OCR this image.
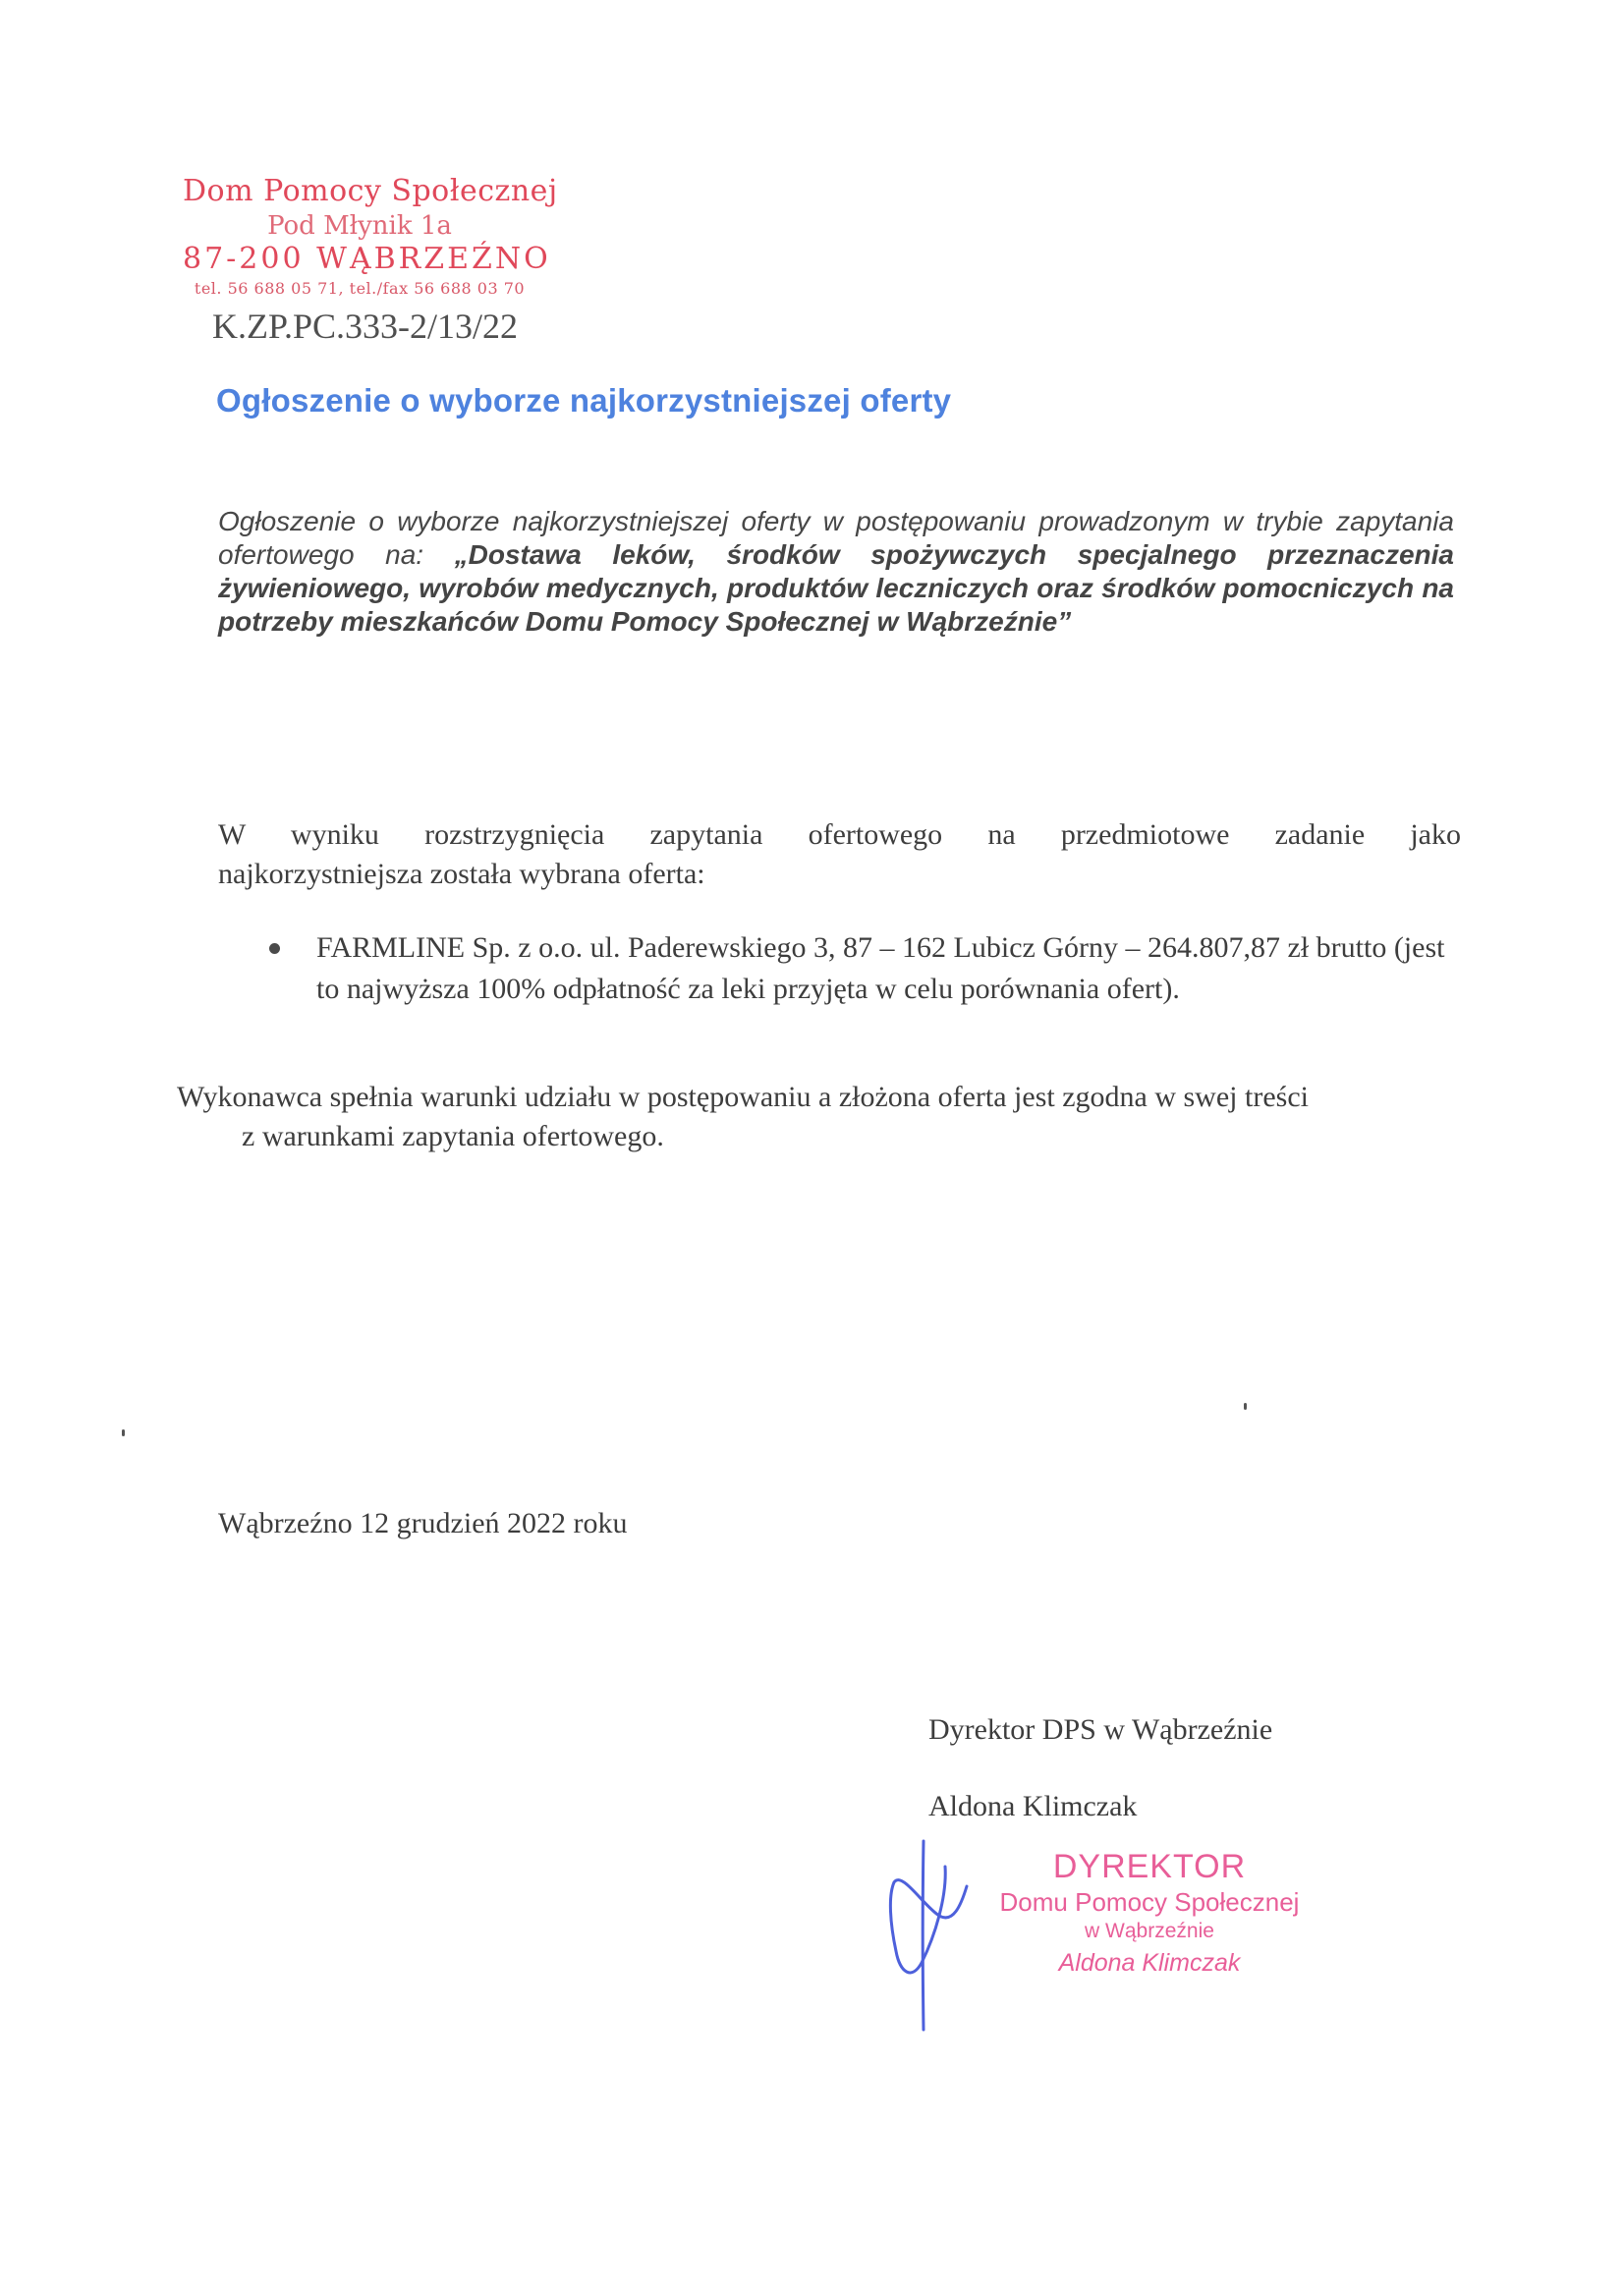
Dom Pomocy Społecznej
Pod Młynik 1a
87-200 WĄBRZEŹNO
tel. 56 688 05 71, tel./fax 56 688 03 70
K.ZP.PC.333-2/13/22
Ogłoszenie o wyborze najkorzystniejszej oferty
Ogłoszenie o wyborze najkorzystniejszej oferty w postępowaniu prowadzonym w trybie zapytania ofertowego na: „Dostawa leków, środków spożywczych specjalnego przeznaczenia żywieniowego, wyrobów medycznych, produktów leczniczych oraz środków pomocniczych na potrzeby mieszkańców Domu Pomocy Społecznej w Wąbrzeźnie”
W wyniku rozstrzygnięcia zapytania ofertowego na przedmiotowe zadanie jako
najkorzystniejsza została wybrana oferta:
FARMLINE Sp. z o.o. ul. Paderewskiego 3, 87 – 162 Lubicz Górny – 264.807,87 zł brutto (jest to najwyższa 100% odpłatność za leki przyjęta w celu porównania ofert).
Wykonawca spełnia warunki udziału w postępowaniu a złożona oferta jest zgodna w swej treści
z warunkami zapytania ofertowego.
Wąbrzeźno 12 grudzień 2022 roku
Dyrektor DPS w Wąbrzeźnie
Aldona Klimczak
DYREKTOR
Domu Pomocy Społecznej
w Wąbrzeźnie
Aldona Klimczak
